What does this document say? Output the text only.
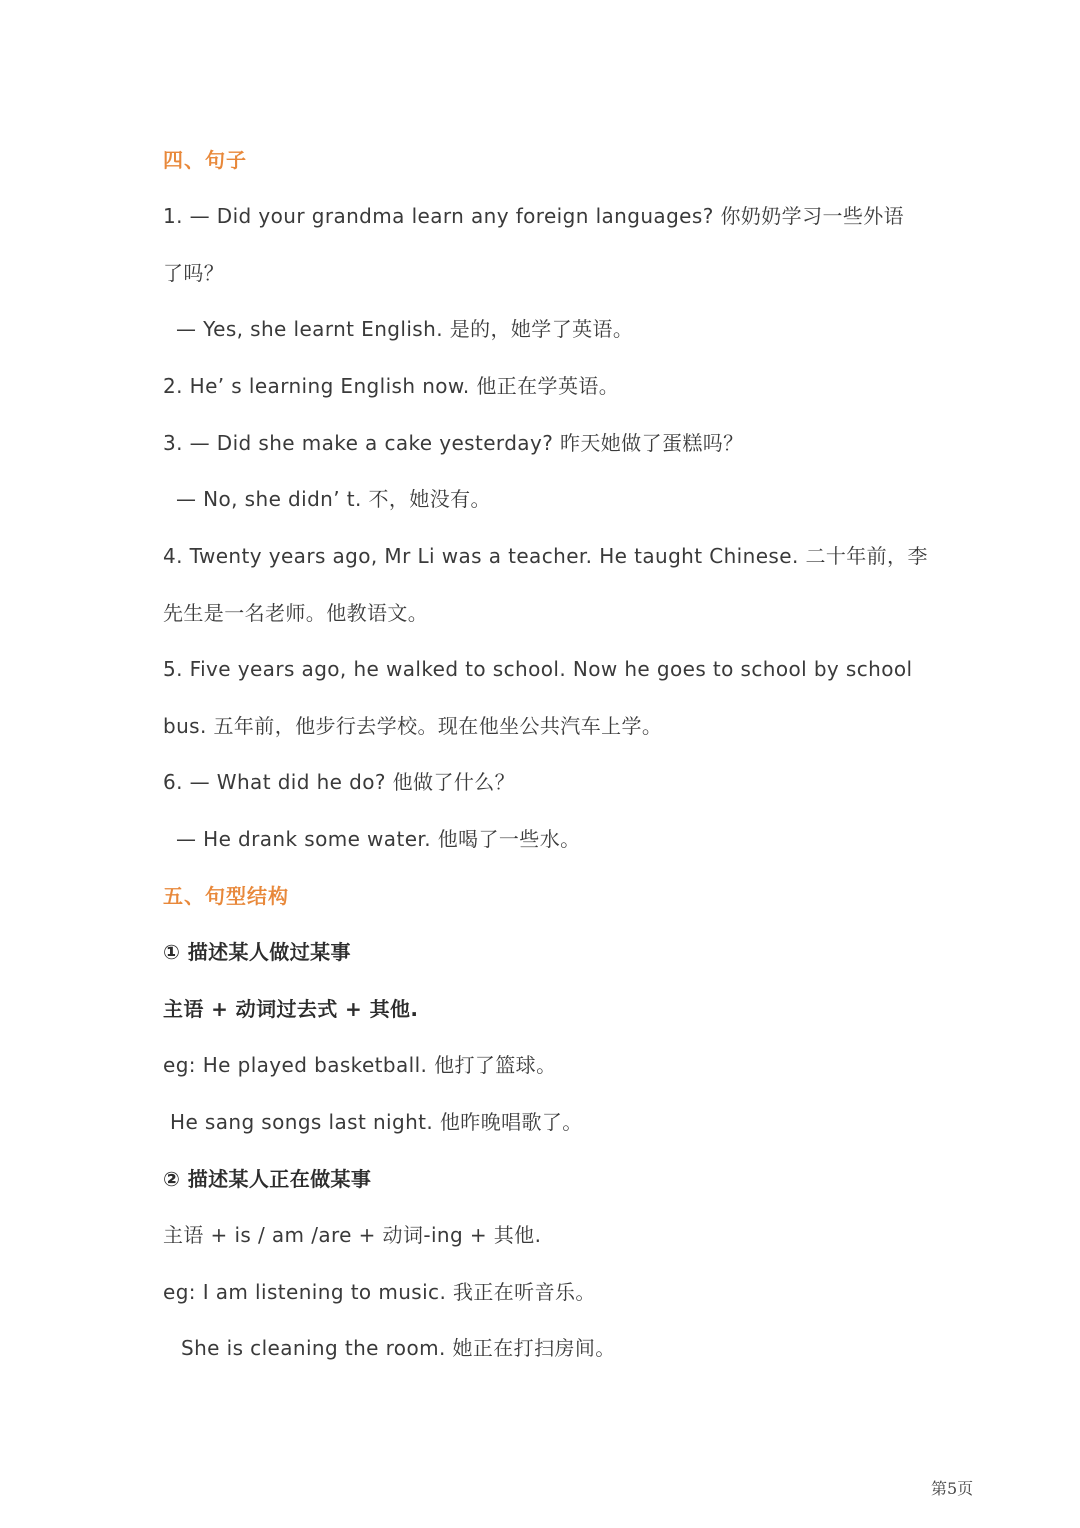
四、句子
1. — Did your grandma learn any foreign languages? 你奶奶学习一些外语
了吗？
— Yes, she learnt English. 是的，她学了英语。
2. He’ s learning English now. 他正在学英语。
3. — Did she make a cake yesterday? 昨天她做了蛋糕吗？
— No, she didn’ t. 不，她没有。
4. Twenty years ago, Mr Li was a teacher. He taught Chinese. 二十年前，李
先生是一名老师。他教语文。
5. Five years ago, he walked to school. Now he goes to school by school
bus. 五年前，他步行去学校。现在他坐公共汽车上学。
6. — What did he do? 他做了什么？
— He drank some water. 他喝了一些水。
五、句型结构
① 描述某人做过某事
主语 + 动词过去式 + 其他.
eg: He played basketball. 他打了篮球。
He sang songs last night. 他昨晚唱歌了。
② 描述某人正在做某事
主语 + is / am /are + 动词-ing + 其他.
eg: I am listening to music. 我正在听音乐。
She is cleaning the room. 她正在打扫房间。
第5页
